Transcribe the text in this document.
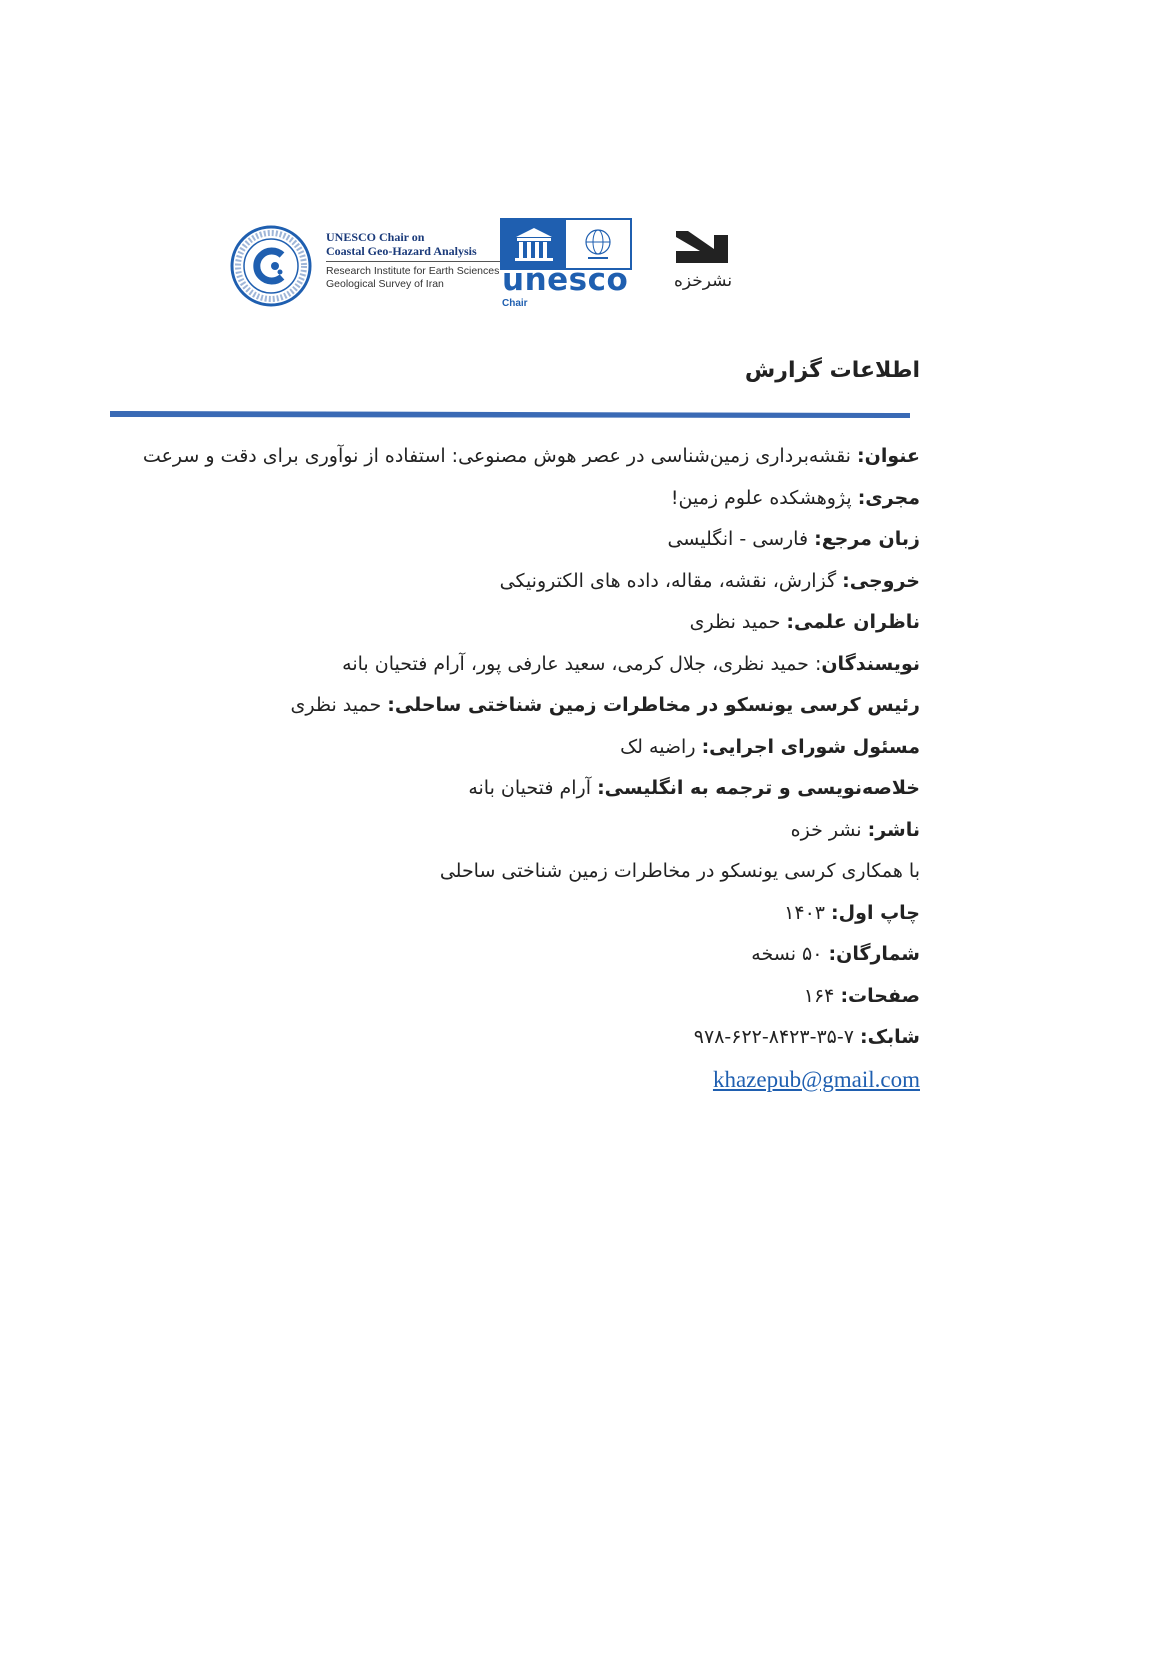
UNESCO Chair on
Coastal Geo-Hazard Analysis
Research Institute for Earth Sciences
Geological Survey of Iran	unesco
Chair
نشرخزه
اطلاعات گزارش
عنوان: نقشه‌برداری زمین‌شناسی در عصر هوش مصنوعی: استفاده از نوآوری برای دقت و سرعت
مجری: پژوهشکده علوم زمین!
زبان مرجع: فارسی - انگلیسی
خروجی: گزارش، نقشه، مقاله، داده های الکترونیکی
ناظران علمی: حمید نظری
نویسندگان: حمید نظری، جلال کرمی، سعید عارفی پور، آرام فتحیان بانه
رئیس کرسی یونسکو در مخاطرات زمین شناختی ساحلی: حمید نظری
مسئول شورای اجرایی: راضیه لک
خلاصه‌نویسی و ترجمه به انگلیسی: آرام فتحیان بانه
ناشر: نشر خزه
با همکاری کرسی یونسکو در مخاطرات زمین شناختی ساحلی
چاپ اول: ۱۴۰۳
شمارگان: ۵۰ نسخه
صفحات: ۱۶۴
شابک: ۷-۳۵-۸۴۲۳-۶۲۲-۹۷۸
khazepub@gmail.com
